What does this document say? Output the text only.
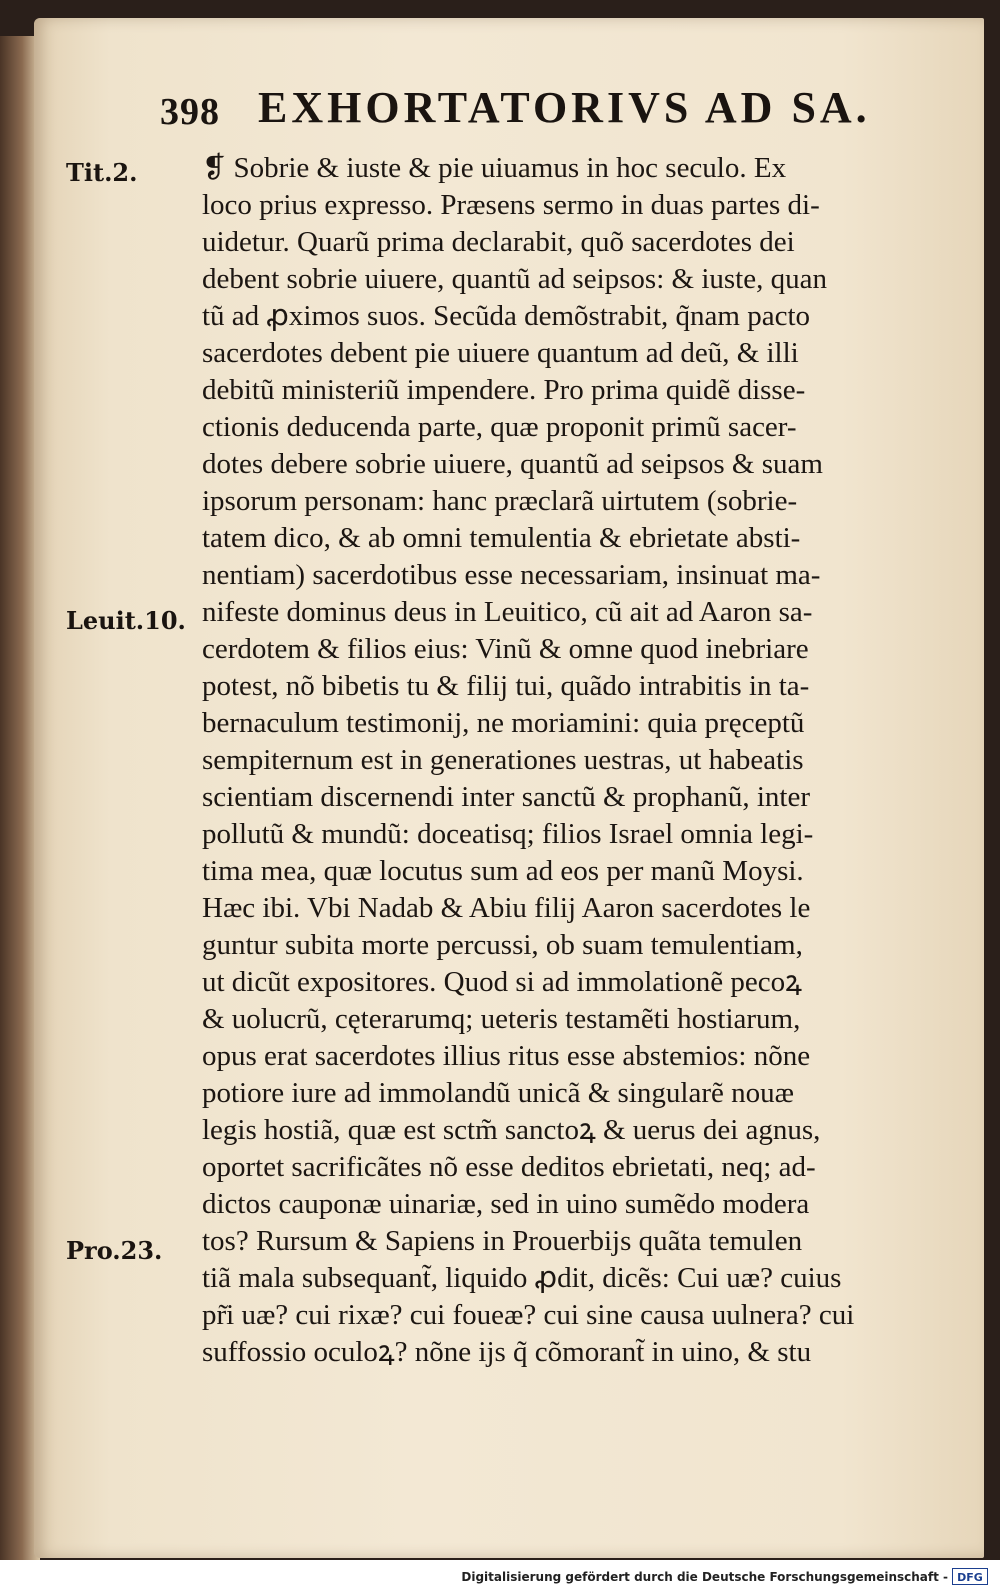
398 EXHORTATORIVS AD SA.
Tit.2.
Leuit.10.
Pro.23.
❡ Sobrie & iuste & pie uiuamus in hoc seculo. Ex
loco prius expresso. Præsens sermo in duas partes di-
uidetur. Quarũ prima declarabit, quõ sacerdotes dei
debent sobrie uiuere, quantũ ad seipsos: & iuste, quan
tũ ad ꝓximos suos. Secũda demõstrabit, q̃nam pacto
sacerdotes debent pie uiuere quantum ad deũ, & illi
debitũ ministeriũ impendere. Pro prima quidẽ disse-
ctionis deducenda parte, quæ proponit primũ sacer-
dotes debere sobrie uiuere, quantũ ad seipsos & suam
ipsorum personam: hanc præclarã uirtutem (sobrie-
tatem dico, & ab omni temulentia & ebrietate absti-
nentiam) sacerdotibus esse necessariam, insinuat ma-
nifeste dominus deus in Leuitico, cũ ait ad Aaron sa-
cerdotem & filios eius: Vinũ & omne quod inebriare
potest, nõ bibetis tu & filij tui, quãdo intrabitis in ta-
bernaculum testimonij, ne moriamini: quia pręceptũ
sempiternum est in generationes uestras, ut habeatis
scientiam discernendi inter sanctũ & prophanũ, inter
pollutũ & mundũ: doceatisq; filios Israel omnia legi-
tima mea, quæ locutus sum ad eos per manũ Moysi.
Hæc ibi. Vbi Nadab & Abiu filij Aaron sacerdotes le
guntur subita morte percussi, ob suam temulentiam,
ut dicũt expositores. Quod si ad immolationẽ pecoꝝ
& uolucrũ, cęterarumq; ueteris testamẽti hostiarum,
opus erat sacerdotes illius ritus esse abstemios: nõne
potiore iure ad immolandũ unicã & singularẽ nouæ
legis hostiã, quæ est sctm̃ sanctoꝝ & uerus dei agnus,
oportet sacrificãtes nõ esse deditos ebrietati, neq; ad-
dictos cauponæ uinariæ, sed in uino sumẽdo modera
tos? Rursum & Sapiens in Prouerbijs quãta temulen
tiã mala subsequant̃, liquido ꝓdit, dicẽs: Cui uæ? cuius
pr̃i uæ? cui rixæ? cui foueæ? cui sine causa uulnera? cui
suffossio oculoꝝ? nõne ijs q̃ cõmorant̃ in uino, & stu
Digitalisierung gefördert durch die Deutsche Forschungsgemeinschaft - DFG
